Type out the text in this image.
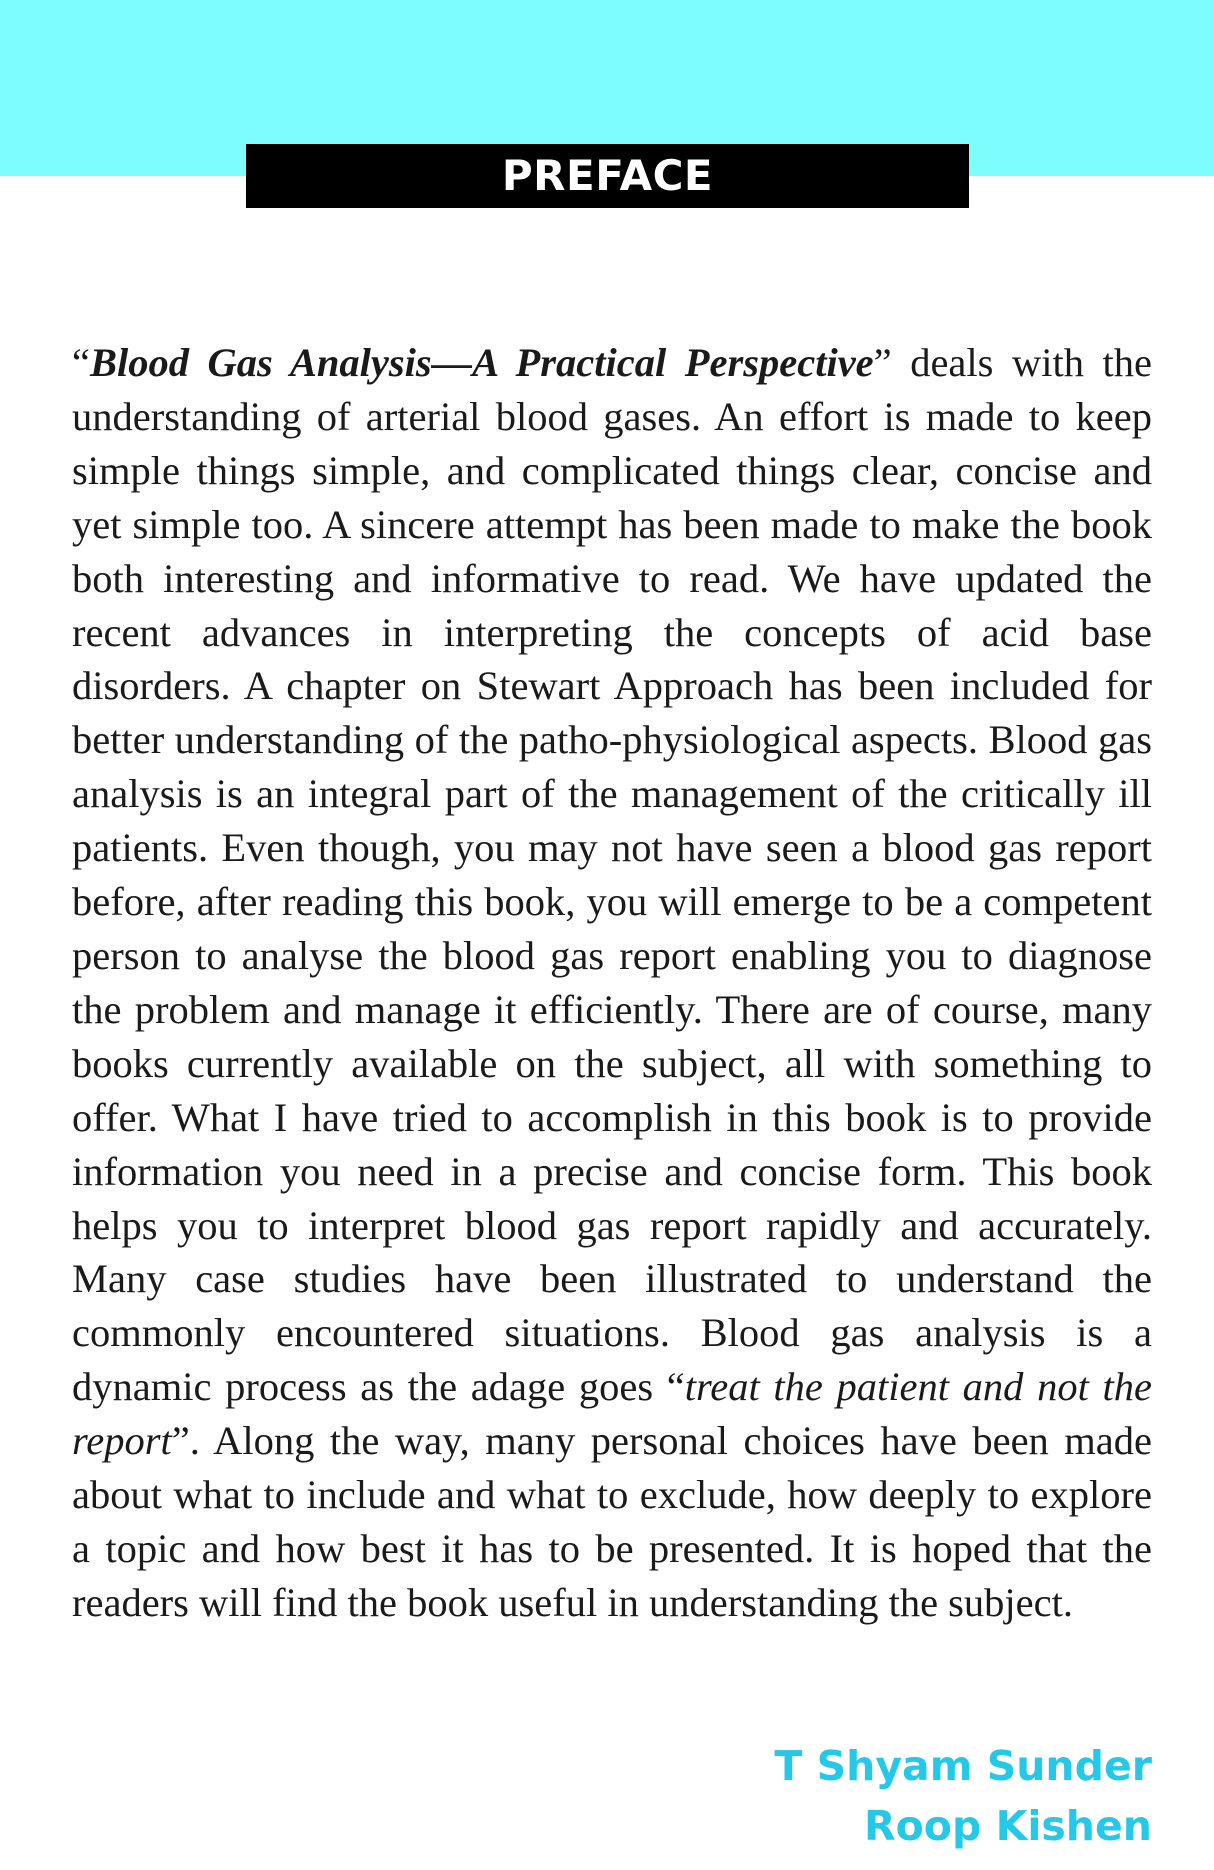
PREFACE

“Blood Gas Analysis—A Practical Perspective” deals with the understanding of arterial blood gases. An effort is made to keep simple things simple, and complicated things clear, concise and yet simple too. A sincere attempt has been made to make the book both interesting and informative to read. We have updated the recent advances in interpreting the concepts of acid base disorders. A chapter on Stewart Approach has been included for better understanding of the patho-physiological aspects. Blood gas analysis is an integral part of the management of the critically ill patients. Even though, you may not have seen a blood gas report before, after reading this book, you will emerge to be a competent person to analyse the blood gas report enabling you to diagnose the problem and manage it efficiently. There are of course, many books currently available on the subject, all with something to offer. What I have tried to accomplish in this book is to provide information you need in a precise and concise form. This book helps you to interpret blood gas report rapidly and accurately. Many case studies have been illustrated to understand the commonly encountered situations. Blood gas analysis is a dynamic process as the adage goes “treat the patient and not the report”. Along the way, many personal choices have been made about what to include and what to exclude, how deeply to explore a topic and how best it has to be presented. It is hoped that the readers will find the book useful in understanding the subject.

T Shyam Sunder
Roop Kishen
